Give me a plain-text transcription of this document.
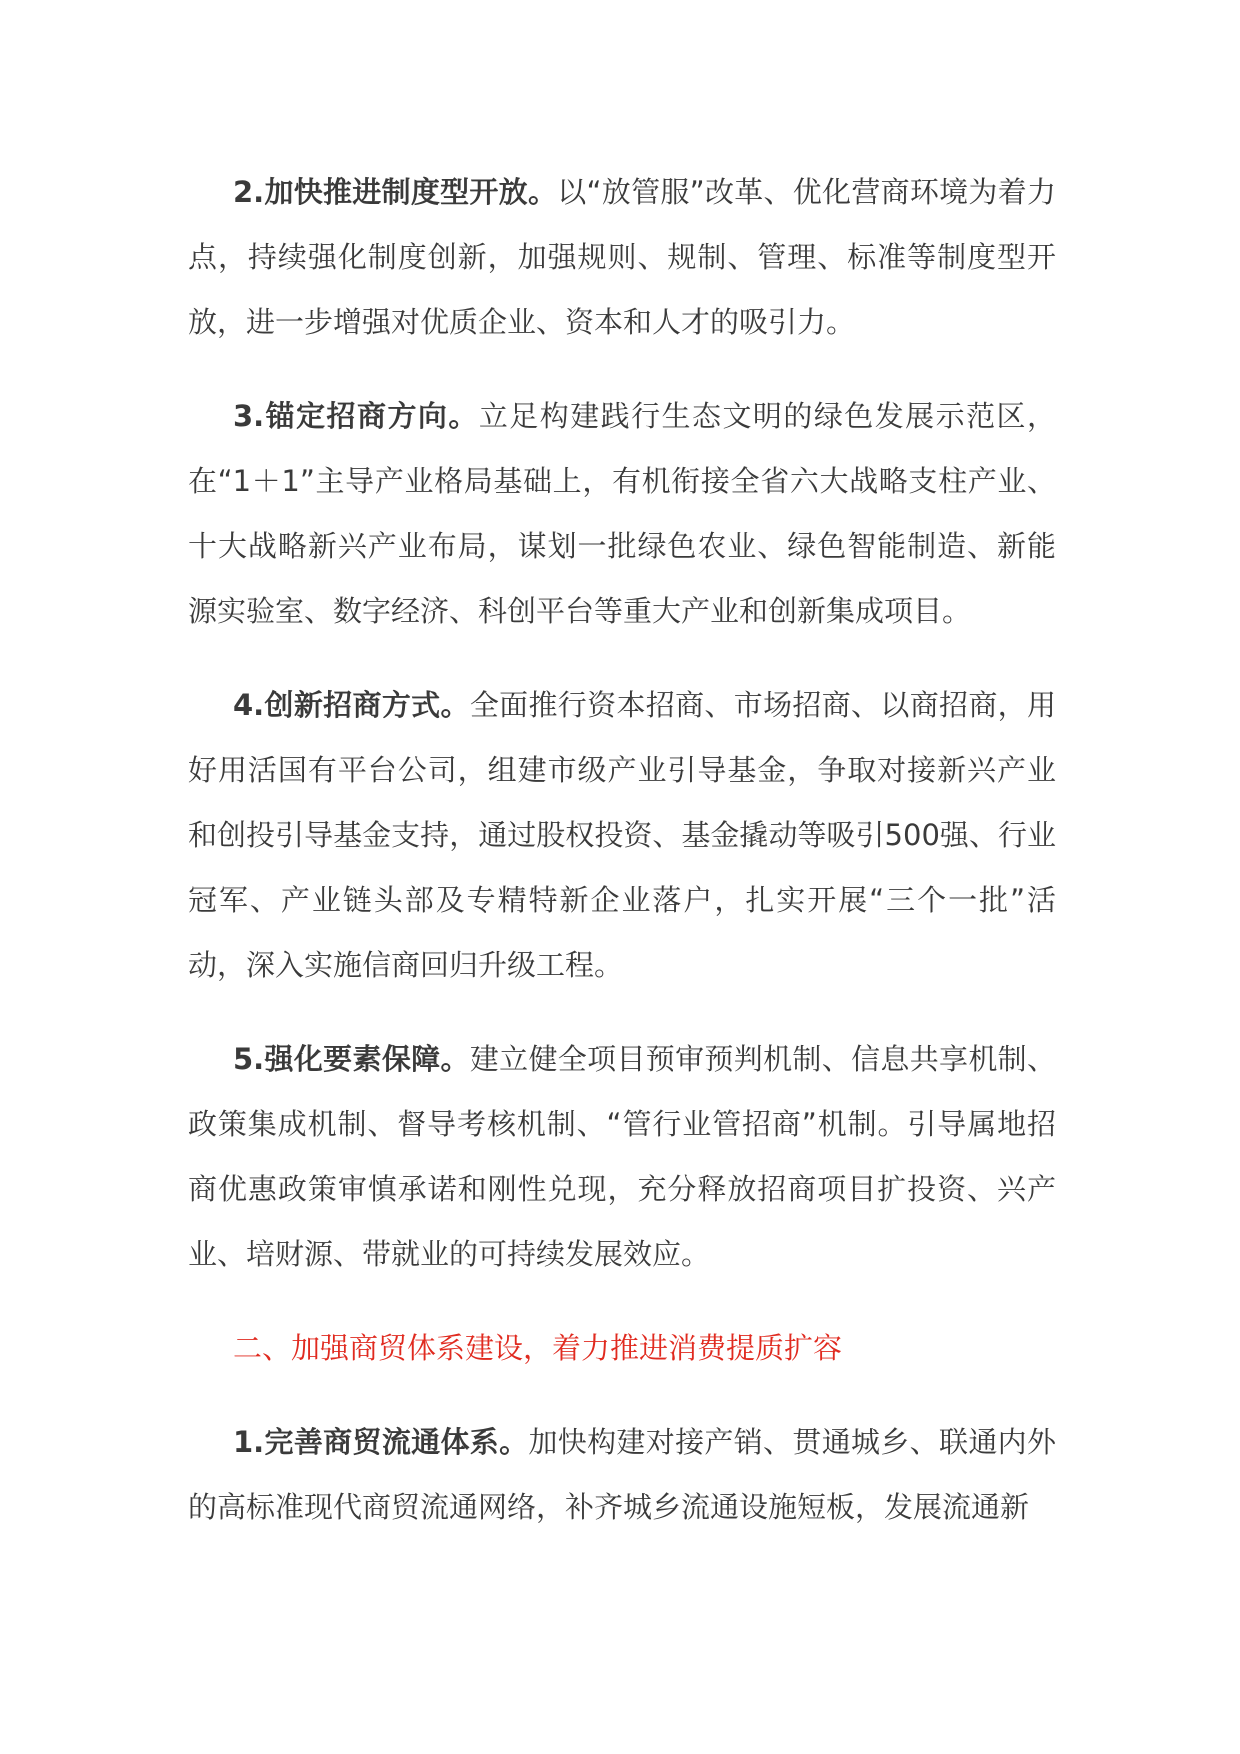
2.加快推进制度型开放。以“放管服”改革、优化营商环境为着力点，持续强化制度创新，加强规则、规制、管理、标准等制度型开放，进一步增强对优质企业、资本和人才的吸引力。

3.锚定招商方向。立足构建践行生态文明的绿色发展示范区，在“1＋1”主导产业格局基础上，有机衔接全省六大战略支柱产业、十大战略新兴产业布局，谋划一批绿色农业、绿色智能制造、新能源实验室、数字经济、科创平台等重大产业和创新集成项目。

4.创新招商方式。全面推行资本招商、市场招商、以商招商，用好用活国有平台公司，组建市级产业引导基金，争取对接新兴产业和创投引导基金支持，通过股权投资、基金撬动等吸引500强、行业冠军、产业链头部及专精特新企业落户，扎实开展“三个一批”活动，深入实施信商回归升级工程。

5.强化要素保障。建立健全项目预审预判机制、信息共享机制、政策集成机制、督导考核机制、“管行业管招商”机制。引导属地招商优惠政策审慎承诺和刚性兑现，充分释放招商项目扩投资、兴产业、培财源、带就业的可持续发展效应。

二、加强商贸体系建设，着力推进消费提质扩容

1.完善商贸流通体系。加快构建对接产销、贯通城乡、联通内外的高标准现代商贸流通网络，补齐城乡流通设施短板，发展流通新
